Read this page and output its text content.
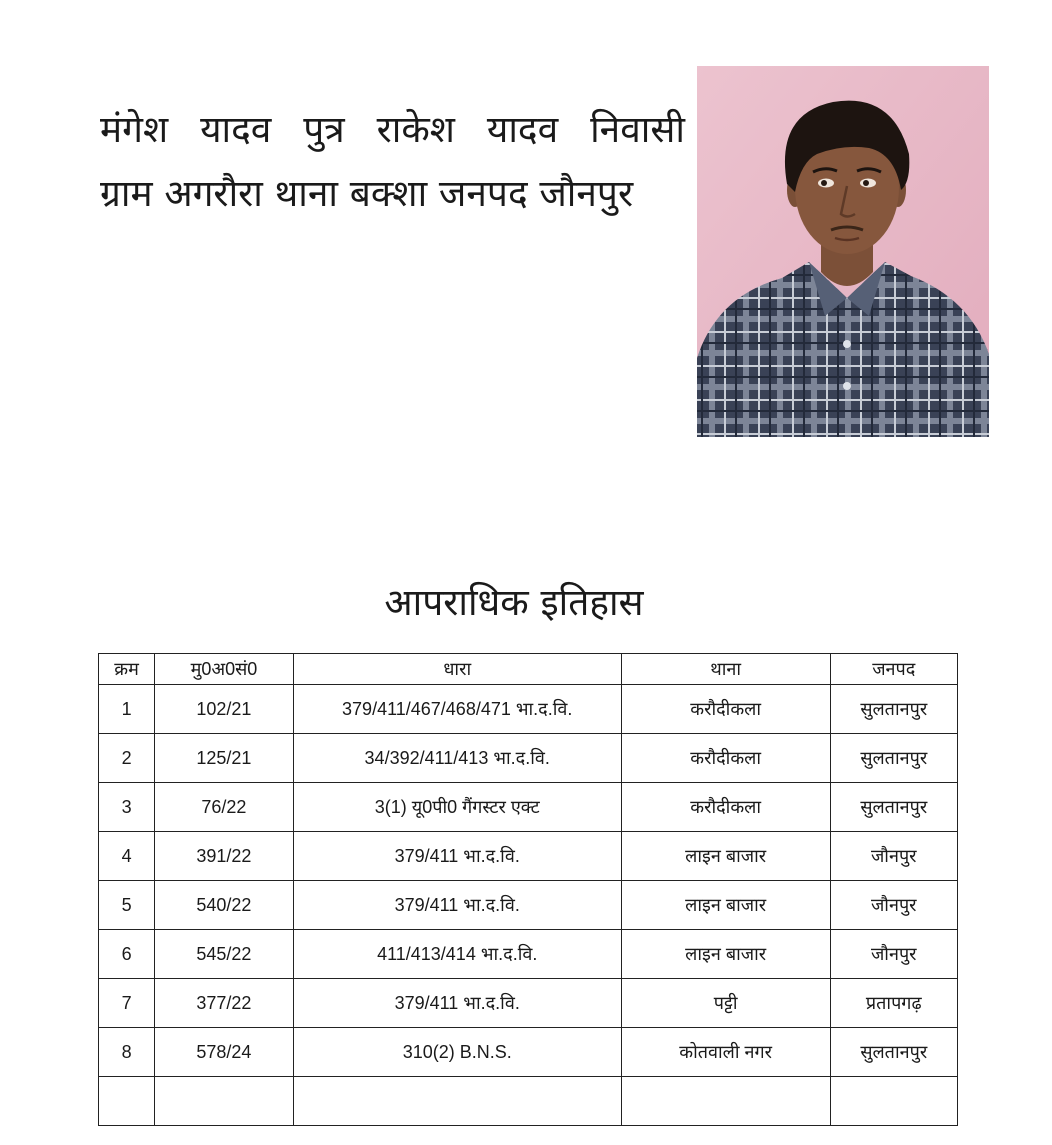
मंगेश यादव पुत्र राकेश यादव निवासी
ग्राम अगरौरा थाना बक्शा जनपद जौनपुर
आपराधिक इतिहास
क्रम	मु0अ0सं0	धारा	थाना	जनपद
1	102/21	379/411/467/468/471 भा.द.वि.	करौदीकला	सुलतानपुर
2	125/21	34/392/411/413 भा.द.वि.	करौदीकला	सुलतानपुर
3	76/22	3(1) यू0पी0 गैंगस्टर एक्ट	करौदीकला	सुलतानपुर
4	391/22	379/411 भा.द.वि.	लाइन बाजार	जौनपुर
5	540/22	379/411 भा.द.वि.	लाइन बाजार	जौनपुर
6	545/22	411/413/414 भा.द.वि.	लाइन बाजार	जौनपुर
7	377/22	379/411 भा.द.वि.	पट्टी	प्रतापगढ़
8	578/24	310(2) B.N.S.	कोतवाली नगर	सुलतानपुर
